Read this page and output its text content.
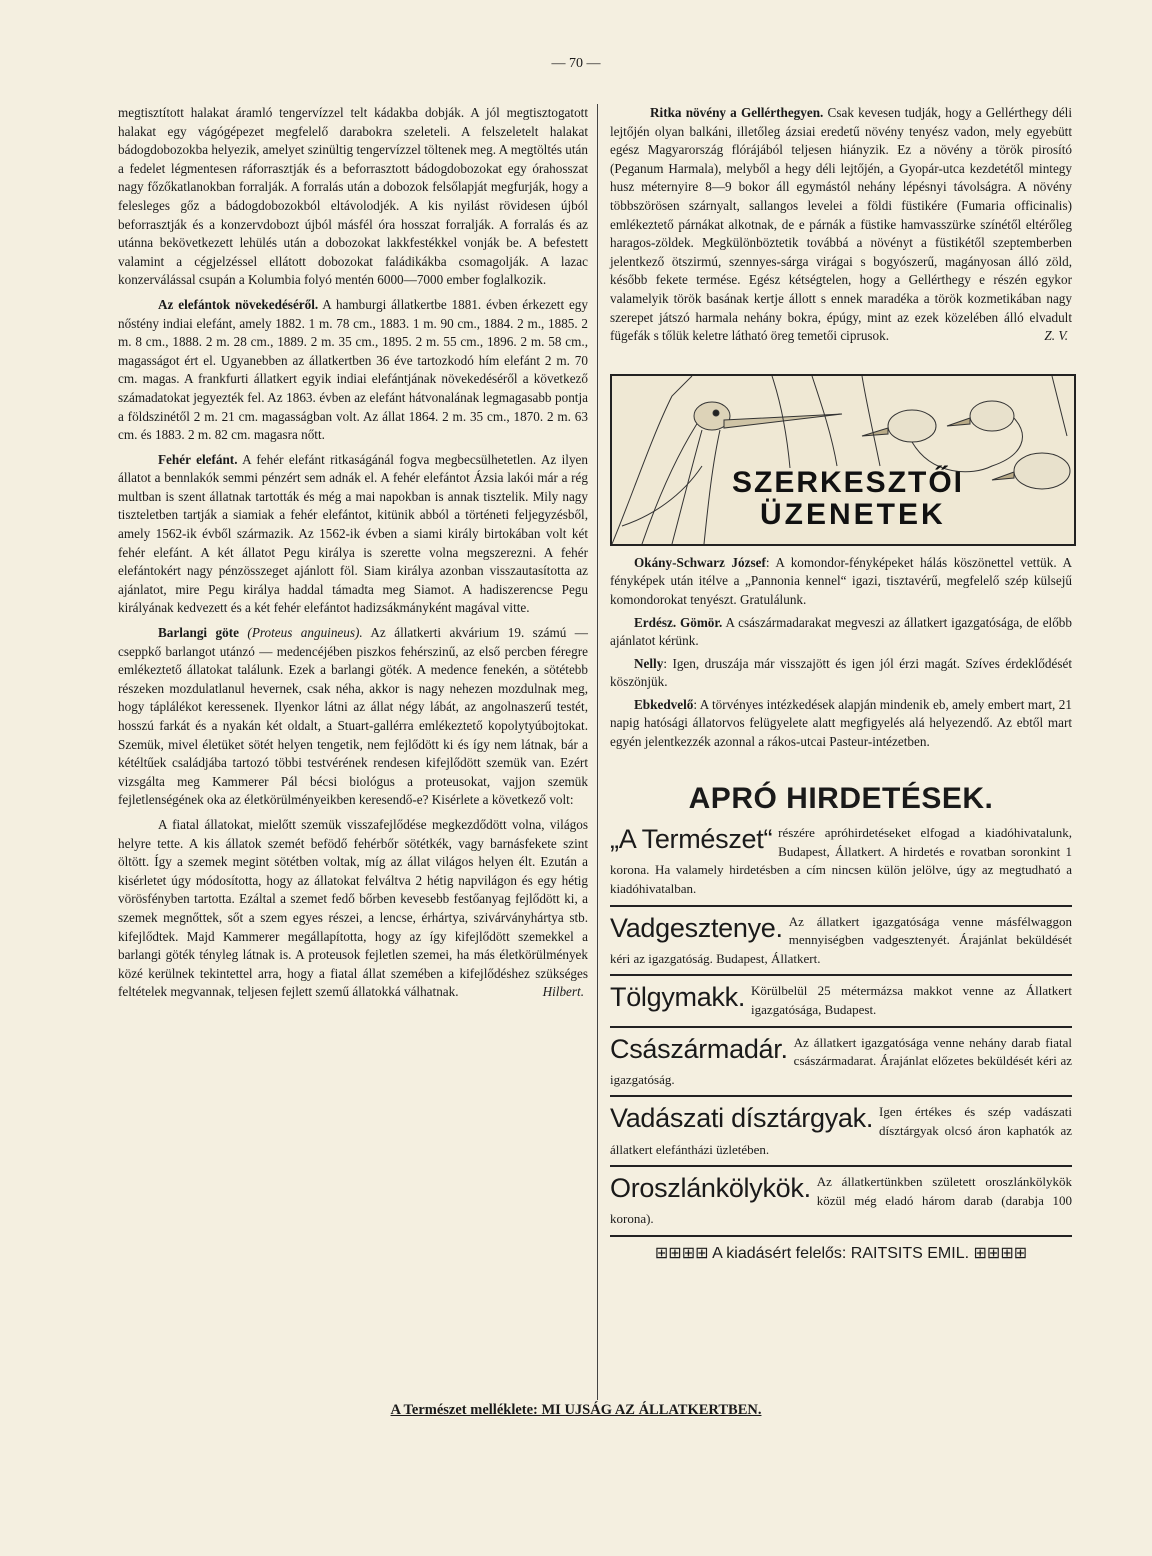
— 70 —

megtisztított halakat áramló tengervízzel telt kádakba dobják. A jól megtisztogatott halakat egy vágógépezet megfelelő darabokra szeleteli. A felszeletelt halakat bádogdobozokba helyezik, amelyet szinültig tengervízzel töltenek meg. A megtöltés után a fedelet légmentesen ráforrasztják és a beforrasztott bádogdobozokat egy órahosszat nagy főzőkatlanokban forralják. A forralás után a dobozok felsőlapját megfurják, hogy a felesleges gőz a bádogdobozokból eltávolodjék. A kis nyilást rövidesen újból beforrasztják és a konzervdobozt újból másfél óra hosszat forralják. A forralás és az utánna bekövetkezett lehülés után a dobozokat lakkfestékkel vonják be. A befestett valamint a cégjelzéssel ellátott dobozokat faládikákba csomagolják. A lazac konzerválással csupán a Kolumbia folyó mentén 6000—7000 ember foglalkozik.

Az elefántok növekedéséről. A hamburgi állatkertbe 1881. évben érkezett egy nőstény indiai elefánt, amely 1882. 1 m. 78 cm., 1883. 1 m. 90 cm., 1884. 2 m., 1885. 2 m. 8 cm., 1888. 2 m. 28 cm., 1889. 2 m. 35 cm., 1895. 2 m. 55 cm., 1896. 2 m. 58 cm., magasságot ért el. Ugyanebben az állatkertben 36 éve tartozkodó hím elefánt 2 m. 70 cm. magas. A frankfurti állatkert egyik indiai elefántjának növekedéséről a következő számadatokat jegyezték fel. Az 1863. évben az elefánt hátvonalának legmagasabb pontja a földszinétől 2 m. 21 cm. magasságban volt. Az állat 1864. 2 m. 35 cm., 1870. 2 m. 63 cm. és 1883. 2 m. 82 cm. magasra nőtt.

Fehér elefánt. A fehér elefánt ritkaságánál fogva megbecsülhetetlen. Az ilyen állatot a bennlakók semmi pénzért sem adnák el. A fehér elefántot Ázsia lakói már a rég multban is szent állatnak tartották és még a mai napokban is annak tisztelik. Mily nagy tiszteletben tartják a siamiak a fehér elefántot, kitünik abból a történeti feljegyzésből, amely 1562-ik évből származik. Az 1562-ik évben a siami király birtokában volt két fehér elefánt. A két állatot Pegu királya is szerette volna megszerezni. A fehér elefántokért nagy pénzösszeget ajánlott föl. Siam királya azonban visszautasította az ajánlatot, mire Pegu királya haddal támadta meg Siamot. A hadiszerencse Pegu királyának kedvezett és a két fehér elefántot hadizsákmányként magával vitte.

Barlangi göte (Proteus anguineus). Az állatkerti akvárium 19. számú — cseppkő barlangot utánzó — medencéjében piszkos fehérszinű, az első percben féregre emlékeztető állatokat találunk. Ezek a barlangi göték. A medence fenekén, a sötétebb részeken mozdulatlanul hevernek, csak néha, akkor is nagy nehezen mozdulnak meg, hogy táplálékot keressenek. Ilyenkor látni az állat négy lábát, az angolnaszerű testét, hosszú farkát és a nyakán két oldalt, a Stuart-gallérra emlékeztető kopolytyúbojtokat. Szemük, mivel életüket sötét helyen tengetik, nem fejlődött ki és így nem látnak, bár a kétéltűek családjába tartozó többi testvérének rendesen kifejlődött szemük van. Ezért vizsgálta meg Kammerer Pál bécsi biológus a proteusokat, vajjon szemük fejletlenségének oka az életkörülményeikben keresendő-e? Kisérlete a következő volt:

A fiatal állatokat, mielőtt szemük visszafejlődése megkezdődött volna, világos helyre tette. A kis állatok szemét befödő fehérbőr sötétkék, vagy barnásfekete szint öltött. Így a szemek megint sötétben voltak, míg az állat világos helyen élt. Ezután a kisérletet úgy módosította, hogy az állatokat felváltva 2 hétig napvilágon és egy hétig vörösfényben tartotta. Ezáltal a szemet fedő bőrben kevesebb festőanyag fejlődött ki, a szemek megnőttek, sőt a szem egyes részei, a lencse, érhártya, szivárványhártya stb. kifejlődtek. Majd Kammerer megállapította, hogy az így kifejlődött szemekkel a barlangi göték tényleg látnak is. A proteusok fejletlen szemei, ha más életkörülmények közé kerülnek tekintettel arra, hogy a fiatal állat szemében a kifejlődéshez szükséges feltételek megvannak, teljesen fejlett szemű állatokká válhatnak.	Hilbert.

Ritka növény a Gellérthegyen. Csak kevesen tudják, hogy a Gellérthegy déli lejtőjén olyan balkáni, illetőleg ázsiai eredetű növény tenyész vadon, mely egyebütt egész Magyarország flórájából teljesen hiányzik. Ez a növény a török pirosító (Peganum Harmala), melyből a hegy déli lejtőjén, a Gyopár-utca kezdetétől mintegy husz méternyire 8—9 bokor áll egymástól nehány lépésnyi távolságra. A növény többszörösen szárnyalt, sallangos levelei a földi füstikére (Fumaria officinalis) emlékeztető párnákat alkotnak, de e párnák a füstike hamvasszürke színétől eltérőleg haragos-zöldek. Megkülönböztetik továbbá a növényt a füstikétől szeptemberben jelentkező ötszirmú, szennyes-sárga virágai s bogyószerű, magányosan álló zöld, később fekete termése. Egész kétségtelen, hogy a Gellérthegy e részén egykor valamelyik török basának kertje állott s ennek maradéka a török kozmetikában nagy szerepet játszó harmala nehány bokra, épúgy, mint az ezek közelében álló elvadult fügefák s tőlük keletre látható öreg temetői ciprusok.	Z. V.

SZERKESZTŐI
ÜZENETEK

Okány-Schwarz József: A komondor-fényképeket hálás köszönettel vettük. A fényképek után itélve a „Pannonia kennel“ igazi, tisztavérű, megfelelő szép külsejű komondorokat tenyészt. Gratulálunk.

Erdész. Gömör. A császármadarakat megveszi az állatkert igazgatósága, de előbb ajánlatot kérünk.

Nelly: Igen, druszája már visszajött és igen jól érzi magát. Szíves érdeklődését köszönjük.

Ebkedvelő: A törvényes intézkedések alapján mindenik eb, amely embert mart, 21 napig hatósági állatorvos felügyelete alatt megfigyelés alá helyezendő. Az ebtől mart egyén jelentkezzék azonnal a rákos-utcai Pasteur-intézetben.

APRÓ HIRDETÉSEK.
„A Természet“ részére apróhirdetéseket elfogad a kiadóhivatalunk, Budapest, Állatkert. A hirdetés e rovatban soronkint 1 korona. Ha valamely hirdetésben a cím nincsen külön jelölve, úgy az megtudható a kiadóhivatalban.
Vadgesztenye. Az állatkert igazgatósága venne másfélwaggon mennyiségben vadgesztenyét. Árajánlat beküldését kéri az igazgatóság. Budapest, Állatkert.
Tölgymakk. Körülbelül 25 métermázsa makkot venne az Állatkert igazgatósága, Budapest.
Császármadár. Az állatkert igazgatósága venne nehány darab fiatal császármadarat. Árajánlat előzetes beküldését kéri az igazgatóság.
Vadászati dísztárgyak. Igen értékes és szép vadászati dísztárgyak olcsó áron kaphatók az állatkert elefántházi üzletében.
Oroszlánkölykök. Az állatkertünkben született oroszlánkölykök közül még eladó három darab (darabja 100 korona).
⊞⊞⊞⊞ A kiadásért felelős: RAITSITS EMIL. ⊞⊞⊞⊞
A Természet melléklete: MI UJSÁG AZ ÁLLATKERTBEN.
